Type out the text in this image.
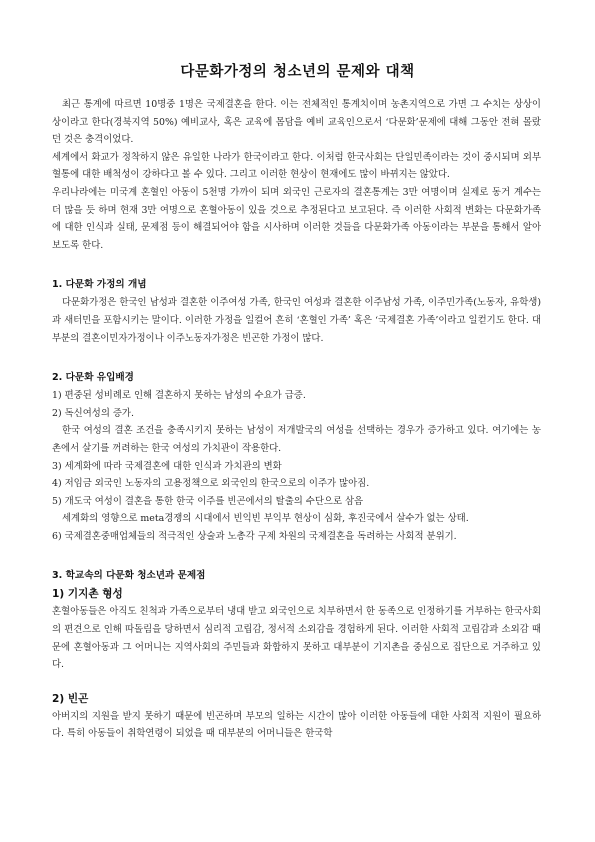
다문화가정의 청소년의 문제와 대책

최근 통계에 따르면 10명중 1명은 국제결혼을 한다. 이는 전체적인 통계치이며 농촌지역으로 가면 그 수치는 상상이상이라고 한다(경북지역 50%) 예비교사, 혹은 교육에 몸담을 예비 교육인으로서 ‘다문화’문제에 대해 그동안 전혀 몰랐던 것은 충격이었다.

세계에서 화교가 정착하지 않은 유일한 나라가 한국이라고 한다. 이처럼 한국사회는 단일민족이라는 것이 중시되며 외부혈통에 대한 배척성이 강하다고 볼 수 있다. 그리고 이러한 현상이 현재에도 많이 바뀌지는 않았다.

우리나라에는 미국계 혼혈인 아동이 5천명 가까이 되며 외국인 근로자의 결혼통계는 3만 여명이며 실제로 동거 계수는 더 많을 듯 하며 현재 3만 여명으로 혼혈아동이 있을 것으로 추정된다고 보고된다. 즉 이러한 사회적 변화는 다문화가족에 대한 인식과 실태, 문제점 등이 해결되어야 함을 시사하며 이러한 것들을 다문화가족 아동이라는 부분을 통해서 알아보도록 한다.

1. 다문화 가정의 개념

다문화가정은 한국인 남성과 결혼한 이주여성 가족, 한국인 여성과 결혼한 이주남성 가족, 이주민가족(노동자, 유학생)과 새터민을 포함시키는 말이다. 이러한 가정을 일컬어 흔히 ‘혼혈인 가족’ 혹은 ‘국제결혼 가족’이라고 일컫기도 한다. 대부분의 결혼이민자가정이나 이주노동자가정은 빈곤한 가정이 많다.

2. 다문화 유입배경
1) 편중된 성비례로 인해 결혼하지 못하는 남성의 수요가 급증.
2) 독신여성의 증가.
한국 여성의 결혼 조건을 충족시키지 못하는 남성이 저개발국의 여성을 선택하는 경우가 증가하고 있다. 여기에는 농촌에서 살기를 꺼려하는 한국 여성의 가치관이 작용한다.
3) 세계화에 따라 국제결혼에 대한 인식과 가치관의 변화
4) 저임금 외국인 노동자의 고용정책으로 외국인의 한국으로의 이주가 많아짐.
5) 개도국 여성이 결혼을 통한 한국 이주를 빈곤에서의 탈출의 수단으로 삼음
세계화의 영향으로 meta경쟁의 시대에서 빈익빈 부익부 현상이 심화, 후진국에서 살수가 없는 상태.
6) 국제결혼중매업체들의 적극적인 상술과 노총각 구제 차원의 국제결혼을 독려하는 사회적 분위기.
3. 학교속의 다문화 청소년과 문제점
1) 기지촌 형성

혼혈아동들은 아직도 친척과 가족으로부터 냉대 받고 외국인으로 치부하면서 한 동족으로 인정하기를 거부하는 한국사회의 편견으로 인해 따돌림을 당하면서 심리적 고립감, 정서적 소외감을 경험하게 된다. 이러한 사회적 고립감과 소외감 때문에 혼혈아동과 그 어머니는 지역사회의 주민들과 화합하지 못하고 대부분이 기지촌을 중심으로 집단으로 거주하고 있다.

2) 빈곤

아버지의 지원을 받지 못하기 때문에 빈곤하며 부모의 일하는 시간이 많아 이러한 아동들에 대한 사회적 지원이 필요하다. 특히 아동들이 취학연령이 되었을 때 대부분의 어머니들은 한국학
